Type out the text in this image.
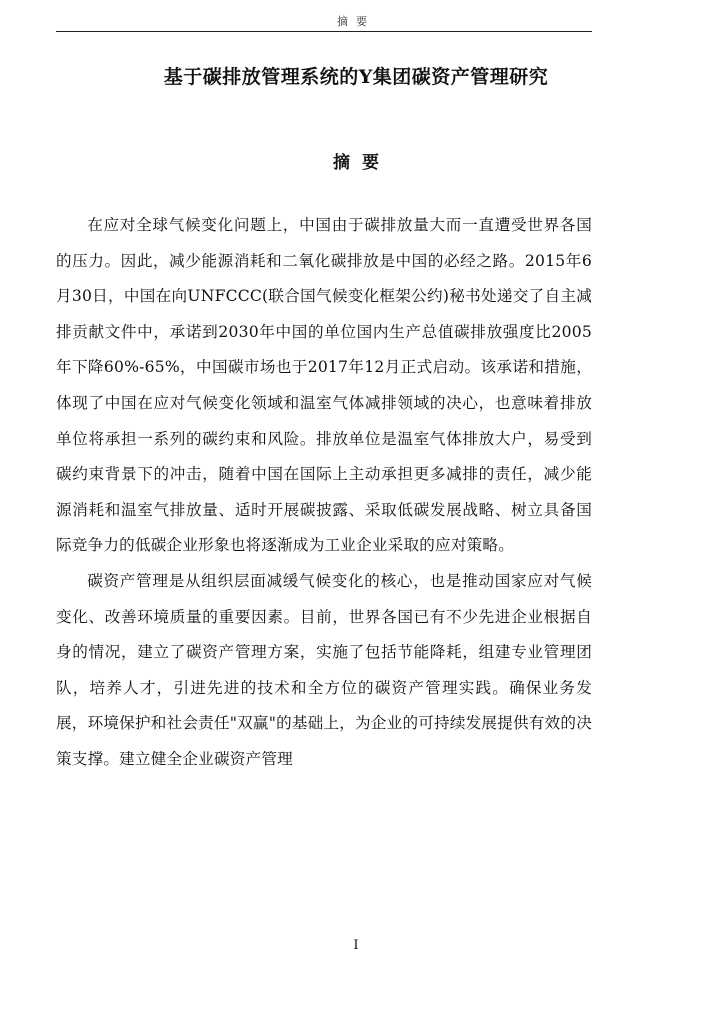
摘要
基于碳排放管理系统的Y集团碳资产管理研究
摘要

在应对全球气候变化问题上，中国由于碳排放量大而一直遭受世界各国的压力。因此，减少能源消耗和二氧化碳排放是中国的必经之路。2015年6月30日，中国在向UNFCCC(联合国气候变化框架公约)秘书处递交了自主减排贡献文件中，承诺到2030年中国的单位国内生产总值碳排放强度比2005年下降60%-65%，中国碳市场也于2017年12月正式启动。该承诺和措施，体现了中国在应对气候变化领域和温室气体减排领域的决心，也意味着排放单位将承担一系列的碳约束和风险。排放单位是温室气体排放大户，易受到碳约束背景下的冲击，随着中国在国际上主动承担更多减排的责任，减少能源消耗和温室气排放量、适时开展碳披露、采取低碳发展战略、树立具备国际竞争力的低碳企业形象也将逐渐成为工业企业采取的应对策略。

碳资产管理是从组织层面减缓气候变化的核心，也是推动国家应对气候变化、改善环境质量的重要因素。目前，世界各国已有不少先进企业根据自身的情况，建立了碳资产管理方案，实施了包括节能降耗，组建专业管理团队，培养人才，引进先进的技术和全方位的碳资产管理实践。确保业务发展，环境保护和社会责任"双赢"的基础上，为企业的可持续发展提供有效的决策支撑。建立健全企业碳资产管理

I
